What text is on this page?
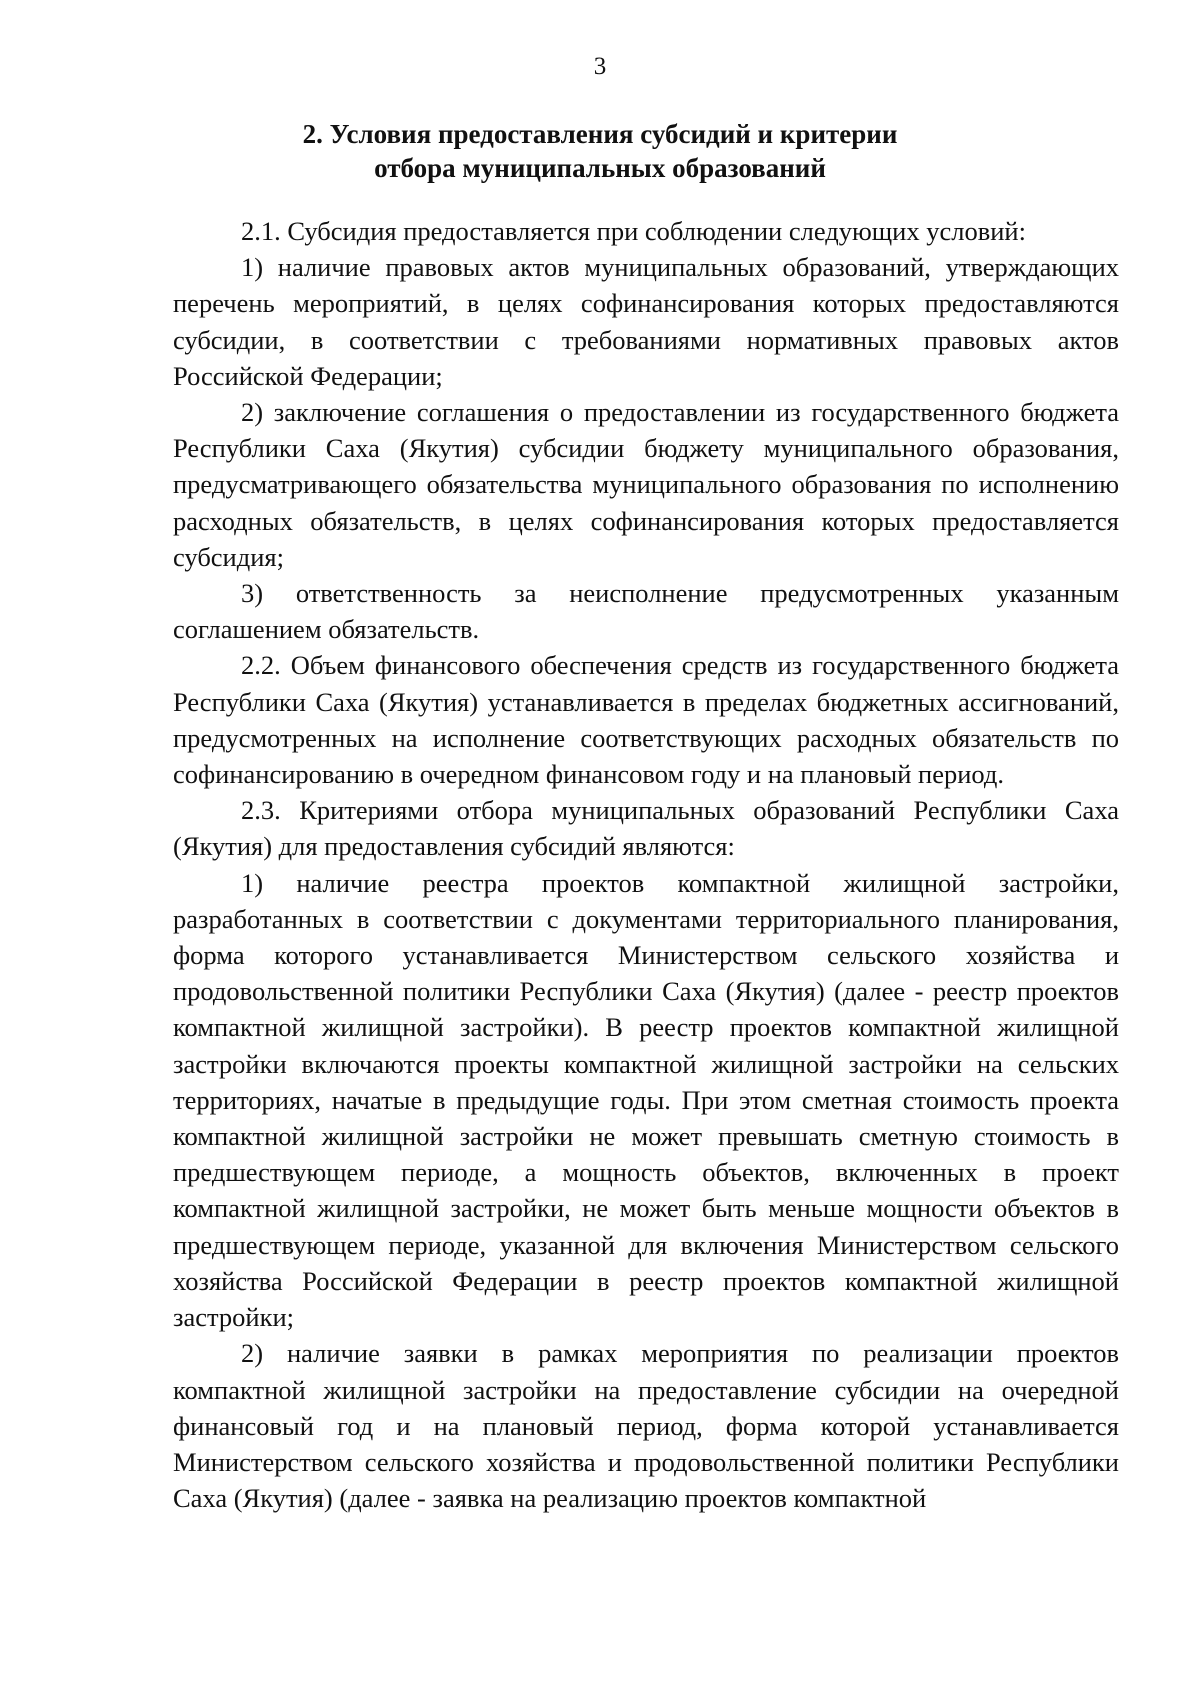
3
2. Условия предоставления субсидий и критерии
отбора муниципальных образований

2.1. Субсидия предоставляется при соблюдении следующих условий:

1) наличие правовых актов муниципальных образований, утверждающих перечень мероприятий, в целях софинансирования которых предоставляются субсидии, в соответствии с требованиями нормативных правовых актов Российской Федерации;

2) заключение соглашения о предоставлении из государственного бюджета Республики Саха (Якутия) субсидии бюджету муниципального образования, предусматривающего обязательства муниципального образования по исполнению расходных обязательств, в целях софинансирования которых предоставляется субсидия;

3) ответственность за неисполнение предусмотренных указанным соглашением обязательств.

2.2. Объем финансового обеспечения средств из государственного бюджета Республики Саха (Якутия) устанавливается в пределах бюджетных ассигнований, предусмотренных на исполнение соответствующих расходных обязательств по софинансированию в очередном финансовом году и на плановый период.

2.3. Критериями отбора муниципальных образований Республики Саха (Якутия) для предоставления субсидий являются:

1) наличие реестра проектов компактной жилищной застройки, разработанных в соответствии с документами территориального планирования, форма которого устанавливается Министерством сельского хозяйства и продовольственной политики Республики Саха (Якутия) (далее - реестр проектов компактной жилищной застройки). В реестр проектов компактной жилищной застройки включаются проекты компактной жилищной застройки на сельских территориях, начатые в предыдущие годы. При этом сметная стоимость проекта компактной жилищной застройки не может превышать сметную стоимость в предшествующем периоде, а мощность объектов, включенных в проект компактной жилищной застройки, не может быть меньше мощности объектов в предшествующем периоде, указанной для включения Министерством сельского хозяйства Российской Федерации в реестр проектов компактной жилищной застройки;

2) наличие заявки в рамках мероприятия по реализации проектов компактной жилищной застройки на предоставление субсидии на очередной финансовый год и на плановый период, форма которой устанавливается Министерством сельского хозяйства и продовольственной политики Республики Саха (Якутия) (далее - заявка на реализацию проектов компактной
